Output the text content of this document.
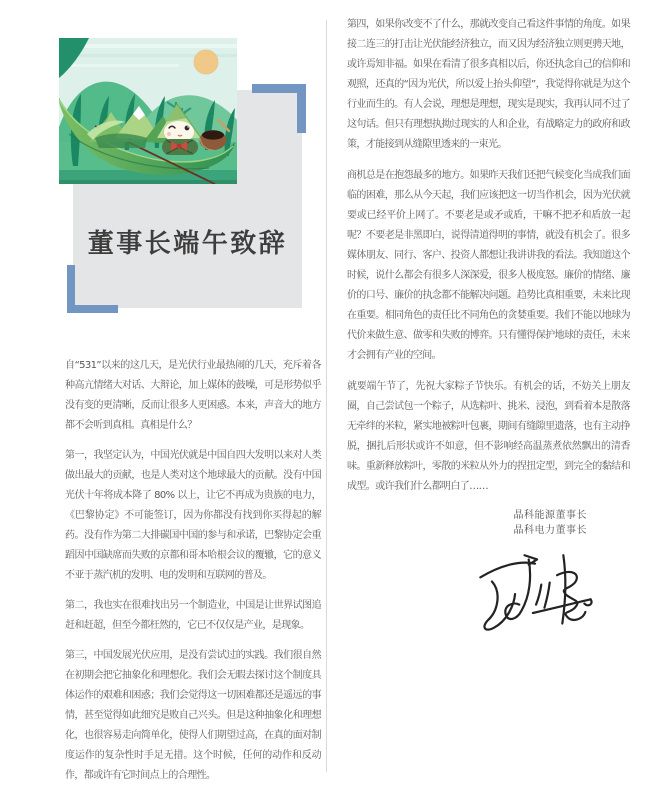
董事长端午致辞

自“531”以来的这几天，是光伏行业最热闹的几天，充斥着各种高亢情绪大对话、大辩论，加上媒体的鼓噪，可是形势似乎没有变的更清晰，反而让很多人更困惑。本来，声音大的地方都不会听到真相。真相是什么？

第一，我坚定认为，中国光伏就是中国自四大发明以来对人类做出最大的贡献，也是人类对这个地球最大的贡献。没有中国光伏十年将成本降了 80% 以上，让它不再成为贵族的电力，《巴黎协定》不可能签订，因为你都没有找到你买得起的解药。没有作为第二大排碳国中国的参与和承诺，巴黎协定会重蹈因中国缺席而失败的京都和哥本哈根会议的覆辙，它的意义不亚于蒸汽机的发明、电的发明和互联网的普及。

第二，我也实在很难找出另一个制造业，中国是让世界试图追赶和赶超，但至今都枉然的，它已不仅仅是产业，是现象。

第三，中国发展光伏应用，是没有尝试过的实践。我们很自然在初期会把它抽象化和理想化。我们会无暇去探讨这个制度具体运作的艰难和困惑；我们会觉得这一切困难都还是遥远的事情，甚至觉得如此细究是败自己兴头。但是这种抽象化和理想化，也很容易走向简单化，使得人们期望过高，在真的面对制度运作的复杂性时手足无措。这个时候，任何的动作和反动作，都或许有它时间点上的合理性。

第四，如果你改变不了什么，那就改变自己看这件事情的角度。如果接二连三的打击让光伏能经济独立，而又因为经济独立则更骋天地，或许焉知非福。如果在看清了很多真相以后，你还执念自己的信仰和观照，还真的“因为光伏，所以爱上抬头仰望”，我觉得你就是为这个行业而生的。有人会说，理想是理想，现实是现实，我再认同不过了这句话。但只有理想执拗过现实的人和企业，有战略定力的政府和政策，才能接到从缝隙里透来的一束光。

商机总是在抱怨最多的地方。如果昨天我们还把气候变化当成我们面临的困难，那么从今天起，我们应该把这一切当作机会，因为光伏就要或已经平价上网了。不要老是或矛或盾，干嘛不把矛和盾放一起呢？不要老是非黑即白，说得清道得明的事情，就没有机会了。很多媒体朋友、同行、客户、投资人都想让我讲讲我的看法。我知道这个时候，说什么都会有很多人深深爱，很多人极度怒。廉价的情绪、廉价的口号、廉价的执念都不能解决问题。趋势比真相重要，未来比现在重要。相同角色的责任比不同角色的贪婪重要。我们不能以地球为代价来做生意、做零和失败的博弈。只有懂得保护地球的责任，未来才会拥有产业的空间。

就要端午节了，先祝大家粽子节快乐。有机会的话，不妨关上朋友圈，自己尝试包一个粽子，从选粽叶、挑米、浸泡，到看着本是散落无牵绊的米粒，紧实地被粽叶包裹，期间有缝隙里遗落，也有主动挣脱，捆扎后形状或许不如意，但不影响经高温蒸煮依然飘出的清香味。重新释放粽叶，零散的米粒从外力的捏扭定型，到完全的黏结和成型。或许我们什么都明白了……

晶科能源董事长
晶科电力董事长
